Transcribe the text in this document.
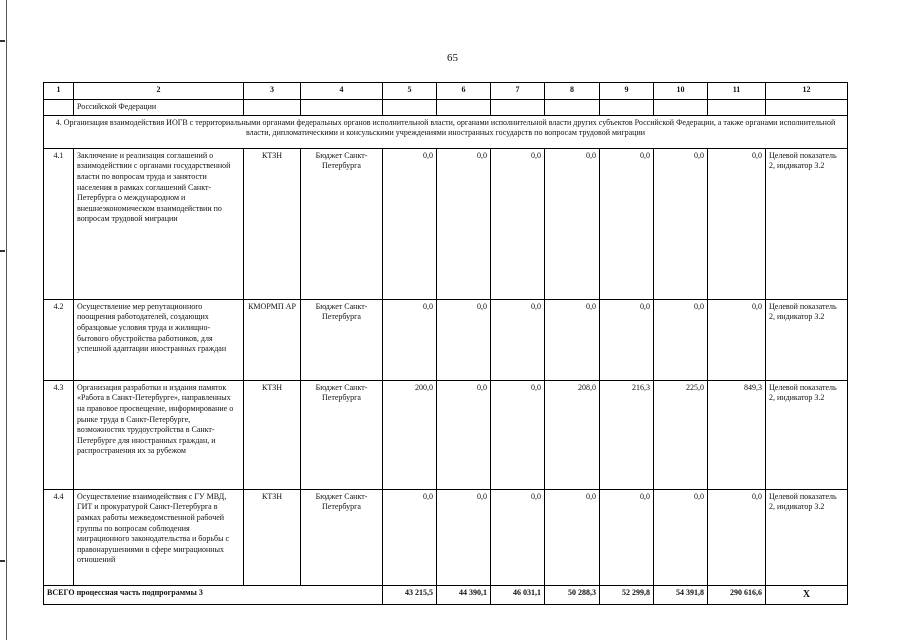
65
1	2	3	4	5	6	7	8	9	10	11	12
	Российской Федерации										
4. Организация взаимодействия ИОГВ с территориальными органами федеральных органов исполнительной власти, органами исполнительной власти других субъектов Российской Федерации, а также органами исполнительной власти, дипломатическими и консульскими учреждениями иностранных государств по вопросам трудовой миграции											
4.1	Заключение и реализация соглашений о взаимодействии с органами государственной власти по вопросам труда и занятости населения в рамках соглашений Санкт-Петербурга о международном и внешнеэкономическом взаимодействии по вопросам трудовой миграции	КТЗН	Бюджет Санкт-Петербурга	0,0	0,0	0,0	0,0	0,0	0,0	0,0	Целевой показатель 2, индикатор 3.2
4.2	Осуществление мер репутационного поощрения работодателей, создающих образцовые условия труда и жилищно-бытового обустройства работников, для успешной адаптации иностранных граждан	КМОРМП АР	Бюджет Санкт-Петербурга	0,0	0,0	0,0	0,0	0,0	0,0	0,0	Целевой показатель 2, индикатор 3.2
4.3	Организация разработки и издания памяток «Работа в Санкт-Петербурге», направленных на правовое просвещение, информирование о рынке труда в Санкт-Петербурге, возможностях трудоустройства в Санкт-Петербурге для иностранных граждан, и распространения их за рубежом	КТЗН	Бюджет Санкт-Петербурга	200,0	0,0	0,0	208,0	216,3	225,0	849,3	Целевой показатель 2, индикатор 3.2
4.4	Осуществление взаимодействия с ГУ МВД, ГИТ и прокуратурой Санкт-Петербурга в рамках работы межведомственной рабочей группы по вопросам соблюдения миграционного законодательства и борьбы с правонарушениями в сфере миграционных отношений	КТЗН	Бюджет Санкт-Петербурга	0,0	0,0	0,0	0,0	0,0	0,0	0,0	Целевой показатель 2, индикатор 3.2
ВСЕГО процессная часть подпрограммы 3				43 215,5	44 390,1	46 031,1	50 288,3	52 299,8	54 391,8	290 616,6	Х
